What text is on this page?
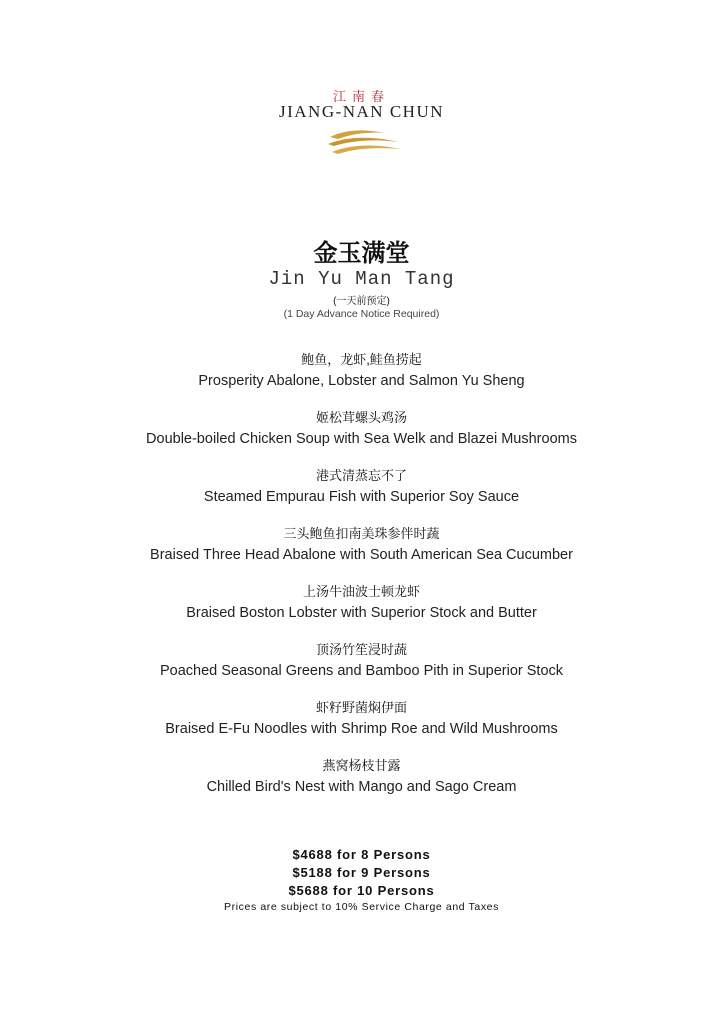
江南春
JIANG-NAN CHUN
金玉满堂
Jin Yu Man Tang
(一天前预定)
(1 Day Advance Notice Required)
鲍鱼，龙虾,鲑鱼捞起
Prosperity Abalone, Lobster and Salmon Yu Sheng
姬松茸螺头鸡汤
Double-boiled Chicken Soup with Sea Welk and Blazei Mushrooms
港式清蒸忘不了
Steamed Empurau Fish with Superior Soy Sauce
三头鲍鱼扣南美珠参伴时蔬
Braised Three Head Abalone with South American Sea Cucumber
上汤牛油波士顿龙虾
Braised Boston Lobster with Superior Stock and Butter
顶汤竹笙浸时蔬
Poached Seasonal Greens and Bamboo Pith in Superior Stock
虾籽野菌焖伊面
Braised E-Fu Noodles with Shrimp Roe and Wild Mushrooms
燕窝杨枝甘露
Chilled Bird's Nest with Mango and Sago Cream
$4688 for 8 Persons
$5188 for 9 Persons
$5688 for 10 Persons
Prices are subject to 10% Service Charge and Taxes
